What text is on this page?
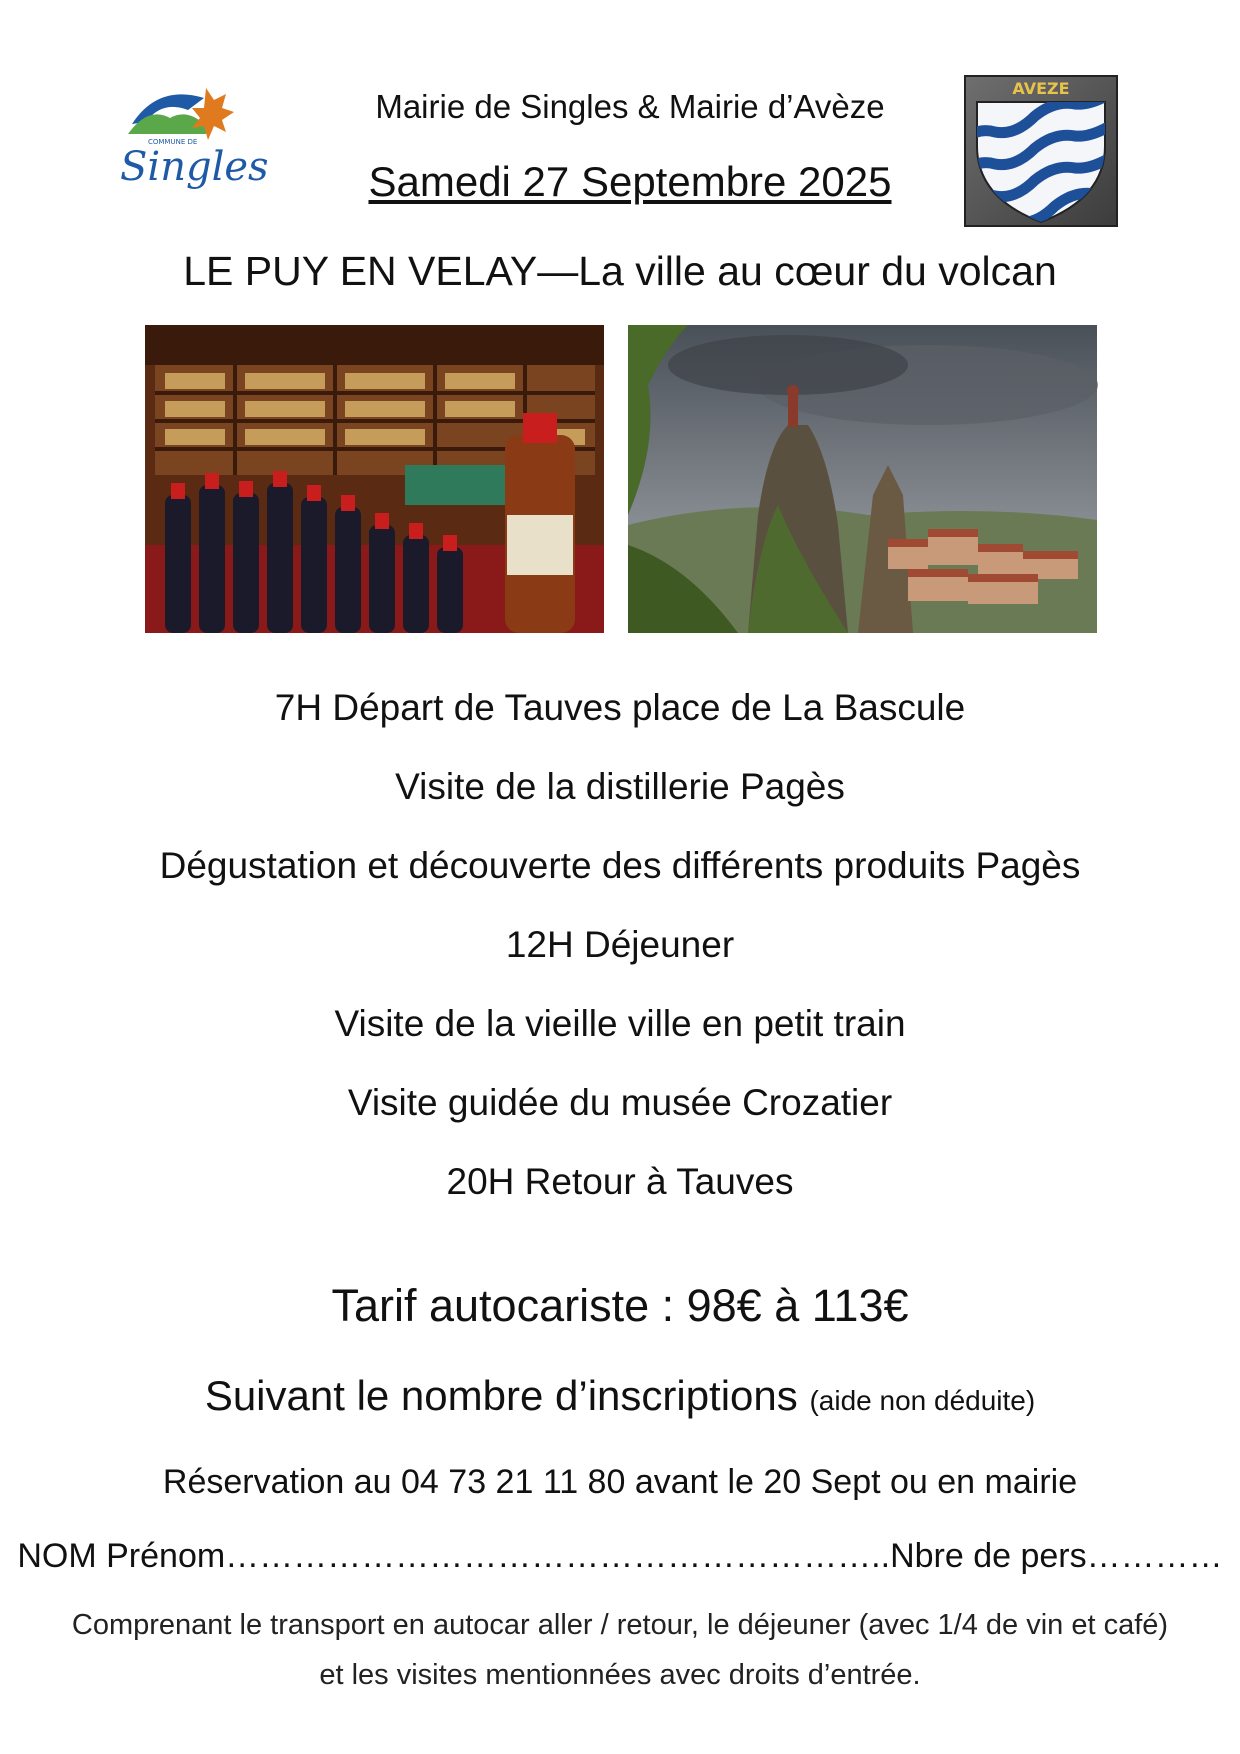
COMMUNE DE
Singles
Mairie de Singles & Mairie d’Avèze
Samedi 27 Septembre 2025
AVEZE
LE PUY EN VELAY—La ville au cœur du volcan
7H Départ de Tauves place de La Bascule
Visite de la distillerie Pagès
Dégustation et découverte des différents produits Pagès
12H Déjeuner
Visite de la vieille ville en petit train
Visite guidée du musée Crozatier
20H Retour à Tauves
Tarif autocariste : 98€ à 113€
Suivant le nombre d’inscriptions (aide non déduite)
Réservation au 04 73 21 11 80 avant le 20 Sept ou en mairie
NOM Prénom…………………………………………………..Nbre de pers…………
Comprenant le transport en autocar aller / retour, le déjeuner (avec 1/4 de vin et café) et les visites mentionnées avec droits d’entrée.
